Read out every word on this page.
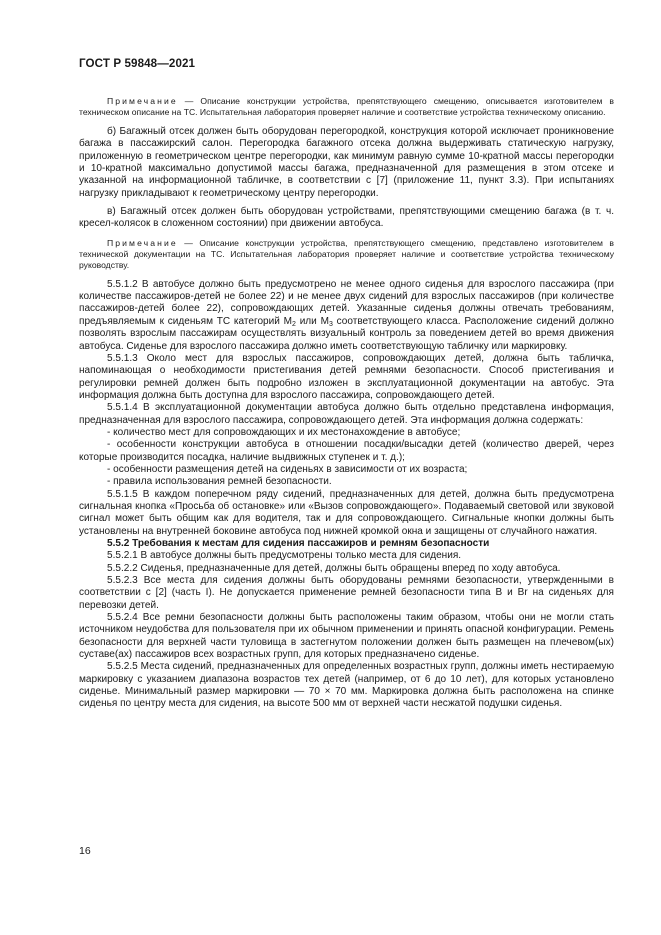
ГОСТ Р 59848—2021

Примечание — Описание конструкции устройства, препятствующего смещению, описывается изготовителем в техническом описание на ТС. Испытательная лаборатория проверяет наличие и соответствие устройства техническому описанию.

б) Багажный отсек должен быть оборудован перегородкой, конструкция которой исключает проникновение багажа в пассажирский салон. Перегородка багажного отсека должна выдерживать статическую нагрузку, приложенную в геометрическом центре перегородки, как минимум равную сумме 10-кратной массы перегородки и 10-кратной максимально допустимой массы багажа, предназначенной для размещения в этом отсеке и указанной на информационной табличке, в соответствии с [7] (приложение 11, пункт 3.3). При испытаниях нагрузку прикладывают к геометрическому центру перегородки.

в) Багажный отсек должен быть оборудован устройствами, препятствующими смещению багажа (в т. ч. кресел-колясок в сложенном состоянии) при движении автобуса.

Примечание — Описание конструкции устройства, препятствующего смещению, представлено изготовителем в технической документации на ТС. Испытательная лаборатория проверяет наличие и соответствие устройства техническому руководству.

5.5.1.2 В автобусе должно быть предусмотрено не менее одного сиденья для взрослого пассажира (при количестве пассажиров-детей не более 22) и не менее двух сидений для взрослых пассажиров (при количестве пассажиров-детей более 22), сопровождающих детей. Указанные сиденья должны отвечать требованиям, предъявляемым к сиденьям ТС категорий $М_2$ или $М_3$ соответствующего класса. Расположение сидений должно позволять взрослым пассажирам осуществлять визуальный контроль за поведением детей во время движения автобуса. Сиденье для взрослого пассажира должно иметь соответствующую табличку или маркировку.

5.5.1.3 Около мест для взрослых пассажиров, сопровождающих детей, должна быть табличка, напоминающая о необходимости пристегивания детей ремнями безопасности. Способ пристегивания и регулировки ремней должен быть подробно изложен в эксплуатационной документации на автобус. Эта информация должна быть доступна для взрослого пассажира, сопровождающего детей.

5.5.1.4 В эксплуатационной документации автобуса должно быть отдельно представлена информация, предназначенная для взрослого пассажира, сопровождающего детей. Эта информация должна содержать:

- количество мест для сопровождающих и их местонахождение в автобусе;

- особенности конструкции автобуса в отношении посадки/высадки детей (количество дверей, через которые производится посадка, наличие выдвижных ступенек и т. д.);

- особенности размещения детей на сиденьях в зависимости от их возраста;

- правила использования ремней безопасности.

5.5.1.5 В каждом поперечном ряду сидений, предназначенных для детей, должна быть предусмотрена сигнальная кнопка «Просьба об остановке» или «Вызов сопровождающего». Подаваемый световой или звуковой сигнал может быть общим как для водителя, так и для сопровождающего. Сигнальные кнопки должны быть установлены на внутренней боковине автобуса под нижней кромкой окна и защищены от случайного нажатия.

5.5.2 Требования к местам для сидения пассажиров и ремням безопасности

5.5.2.1 В автобусе должны быть предусмотрены только места для сидения.

5.5.2.2 Сиденья, предназначенные для детей, должны быть обращены вперед по ходу автобуса.

5.5.2.3 Все места для сидения должны быть оборудованы ремнями безопасности, утвержденными в соответствии с [2] (часть I). Не допускается применение ремней безопасности типа В и Вr на сиденьях для перевозки детей.

5.5.2.4 Все ремни безопасности должны быть расположены таким образом, чтобы они не могли стать источником неудобства для пользователя при их обычном применении и принять опасной конфигурации. Ремень безопасности для верхней части туловища в застегнутом положении должен быть размещен на плечевом(ых) суставе(ах) пассажиров всех возрастных групп, для которых предназначено сиденье.

5.5.2.5 Места сидений, предназначенных для определенных возрастных групп, должны иметь нестираемую маркировку с указанием диапазона возрастов тех детей (например, от 6 до 10 лет), для которых установлено сиденье. Минимальный размер маркировки — 70 × 70 мм. Маркировка должна быть расположена на спинке сиденья по центру места для сидения, на высоте 500 мм от верхней части несжатой подушки сиденья.

16
